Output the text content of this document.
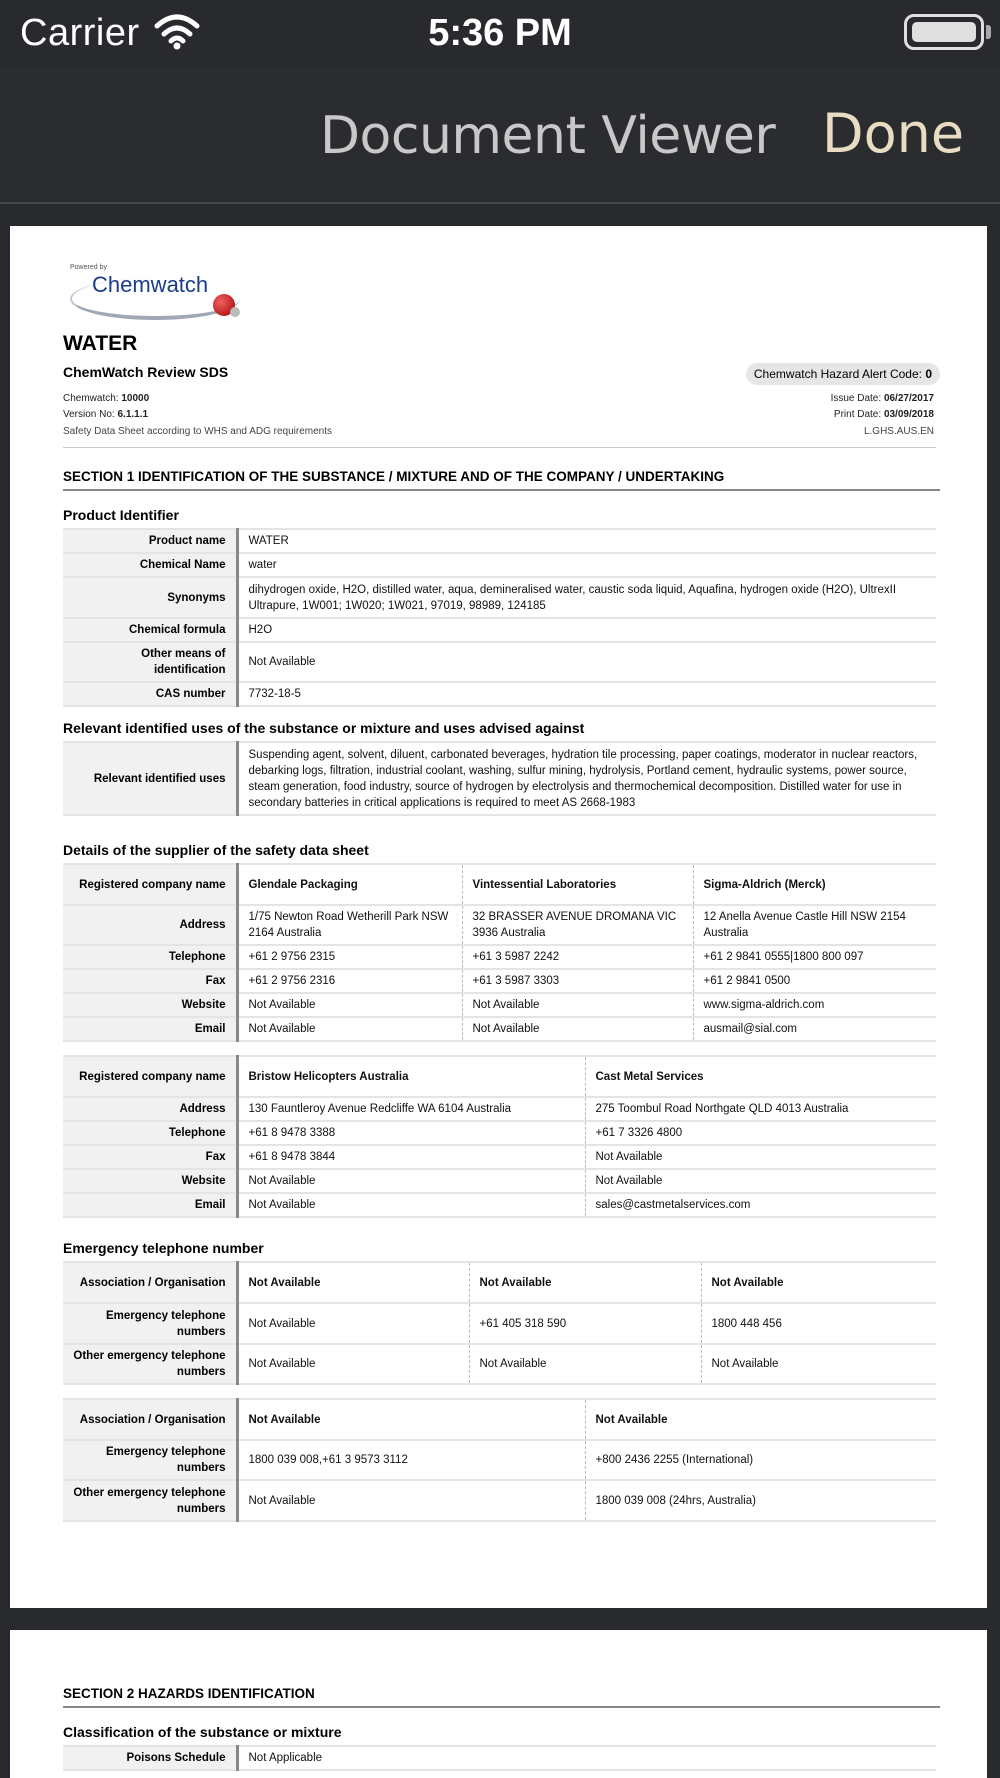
Carrier	5:36 PM
Document Viewer Done
Powered by
Chemwatch
WATER
ChemWatch Review SDS	Chemwatch Hazard Alert Code: 0
Chemwatch: 10000
Version No: 6.1.1.1
Safety Data Sheet according to WHS and ADG requirements
Issue Date: 06/27/2017
Print Date: 03/09/2018
L.GHS.AUS.EN
SECTION 1 IDENTIFICATION OF THE SUBSTANCE / MIXTURE AND OF THE COMPANY / UNDERTAKING
Product Identifier
Product name	WATER
Chemical Name	water
Synonyms	dihydrogen oxide, H2O, distilled water, aqua, demineralised water, caustic soda liquid, Aquafina, hydrogen oxide (H2O), UltrexII Ultrapure, 1W001; 1W020; 1W021, 97019, 98989, 124185
Chemical formula	H2O
Other means of identification	Not Available
CAS number	7732-18-5
Relevant identified uses of the substance or mixture and uses advised against
Relevant identified uses	Suspending agent, solvent, diluent, carbonated beverages, hydration tile processing, paper coatings, moderator in nuclear reactors, debarking logs, filtration, industrial coolant, washing, sulfur mining, hydrolysis, Portland cement, hydraulic systems, power source, steam generation, food industry, source of hydrogen by electrolysis and thermochemical decomposition. Distilled water for use in secondary batteries in critical applications is required to meet AS 2668-1983
Details of the supplier of the safety data sheet
Registered company name	Glendale Packaging	Vintessential Laboratories	Sigma-Aldrich (Merck)
Address	1/75 Newton Road Wetherill Park NSW 2164 Australia	32 BRASSER AVENUE DROMANA VIC 3936 Australia	12 Anella Avenue Castle Hill NSW 2154 Australia
Telephone	+61 2 9756 2315	+61 3 5987 2242	+61 2 9841 0555|1800 800 097
Fax	+61 2 9756 2316	+61 3 5987 3303	+61 2 9841 0500
Website	Not Available	Not Available	www.sigma-aldrich.com
Email	Not Available	Not Available	ausmail@sial.com
Registered company name	Bristow Helicopters Australia	Cast Metal Services
Address	130 Fauntleroy Avenue Redcliffe WA 6104 Australia	275 Toombul Road Northgate QLD 4013 Australia
Telephone	+61 8 9478 3388	+61 7 3326 4800
Fax	+61 8 9478 3844	Not Available
Website	Not Available	Not Available
Email	Not Available	sales@castmetalservices.com
Emergency telephone number
Association / Organisation	Not Available	Not Available	Not Available
Emergency telephone numbers	Not Available	+61 405 318 590	1800 448 456
Other emergency telephone numbers	Not Available	Not Available	Not Available
Association / Organisation	Not Available	Not Available
Emergency telephone numbers	1800 039 008,+61 3 9573 3112	+800 2436 2255 (International)
Other emergency telephone numbers	Not Available	1800 039 008 (24hrs, Australia)
SECTION 2 HAZARDS IDENTIFICATION
Classification of the substance or mixture
Poisons Schedule	Not Applicable
